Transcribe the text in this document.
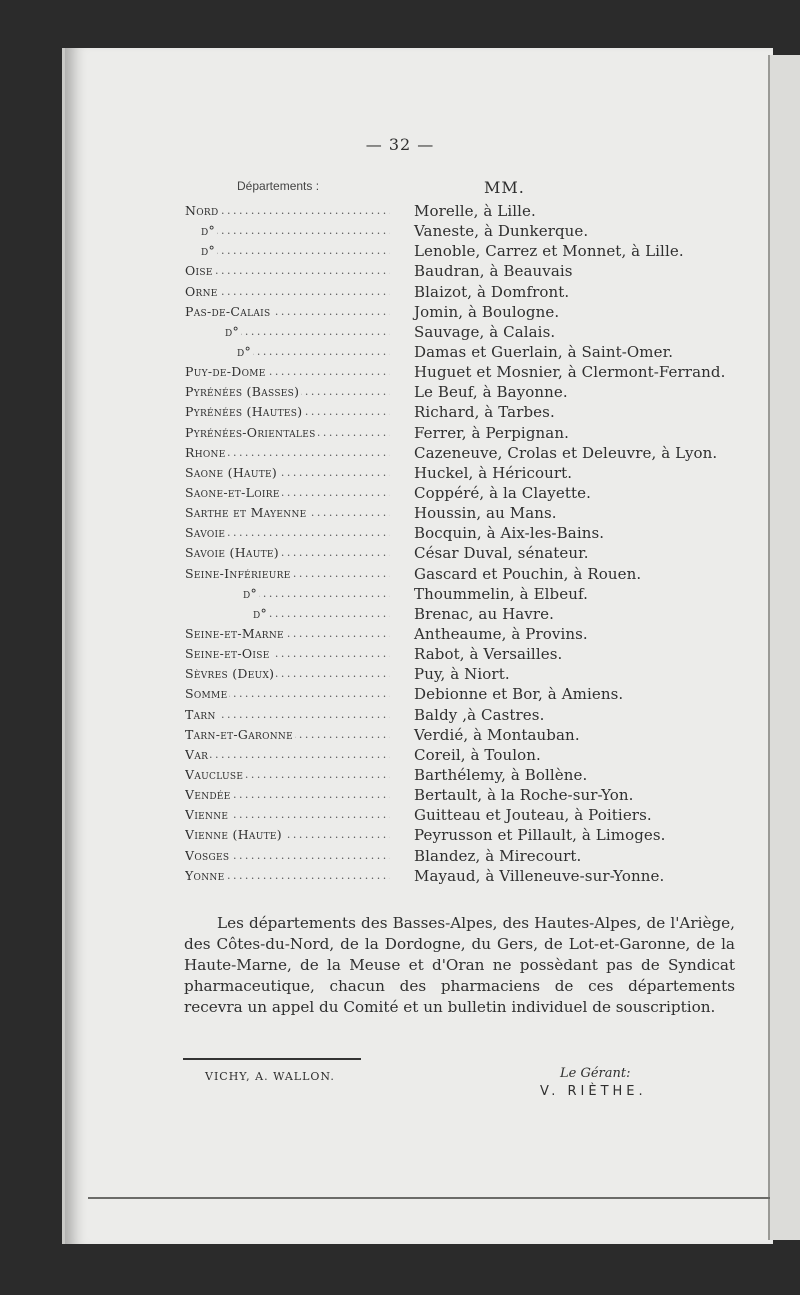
— 32 —
Départements :	MM.
Nord . . .	Morelle, à Lille.
d° . . .	Vaneste, à Dunkerque.
d° . . .	Lenoble, Carrez et Monnet, à Lille.
Oise . . .	Baudran, à Beauvais
Orne . . .	Blaizot, à Domfront.
Pas-de-Calais . . .	Jomin, à Boulogne.
d° . . .	Sauvage, à Calais.
d° . . .	Damas et Guerlain, à Saint-Omer.
Puy-de-Dome . . .	Huguet et Mosnier, à Clermont-Ferrand.
Pyrénées (Basses) . . .	Le Beuf, à Bayonne.
Pyrénées (Hautes) . . .	Richard, à Tarbes.
Pyrénées-Orientales . . .	Ferrer, à Perpignan.
Rhone . . .	Cazeneuve, Crolas et Deleuvre, à Lyon.
Saone (Haute) . . .	Huckel, à Héricourt.
Saone-et-Loire . . .	Coppéré, à la Clayette.
Sarthe et Mayenne . . .	Houssin, au Mans.
Savoie . . .	Bocquin, à Aix-les-Bains.
Savoie (Haute) . . .	César Duval, sénateur.
Seine-Inférieure . . .	Gascard et Pouchin, à Rouen.
d° . . .	Thoummelin, à Elbeuf.
d° . . .	Brenac, au Havre.
Seine-et-Marne . . .	Antheaume, à Provins.
Seine-et-Oise . . .	Rabot, à Versailles.
Sèvres (Deux) . . .	Puy, à Niort.
Somme . . .	Debionne et Bor, à Amiens.
Tarn . . .	Baldy ,à Castres.
Tarn-et-Garonne . . .	Verdié, à Montauban.
Var . . .	Coreil, à Toulon.
Vaucluse . . .	Barthélemy, à Bollène.
Vendée . . .	Bertault, à la Roche-sur-Yon.
Vienne . . .	Guitteau et Jouteau, à Poitiers.
Vienne (Haute) . . .	Peyrusson et Pillault, à Limoges.
Vosges . . .	Blandez, à Mirecourt.
Yonne . . .	Mayaud, à Villeneuve-sur-Yonne.
Les départements des Basses-Alpes, des Hautes-Alpes, de l'Ariège, des Côtes-du-Nord, de la Dordogne, du Gers, de Lot-et-Garonne, de la Haute-Marne, de la Meuse et d'Oran ne possèdant pas de Syndicat pharmaceutique, chacun des pharmaciens de ces départements recevra un appel du Comité et un bulletin individuel de souscription.
VICHY, A. WALLON.	Le Gérant:
V. RIÈTHE.
